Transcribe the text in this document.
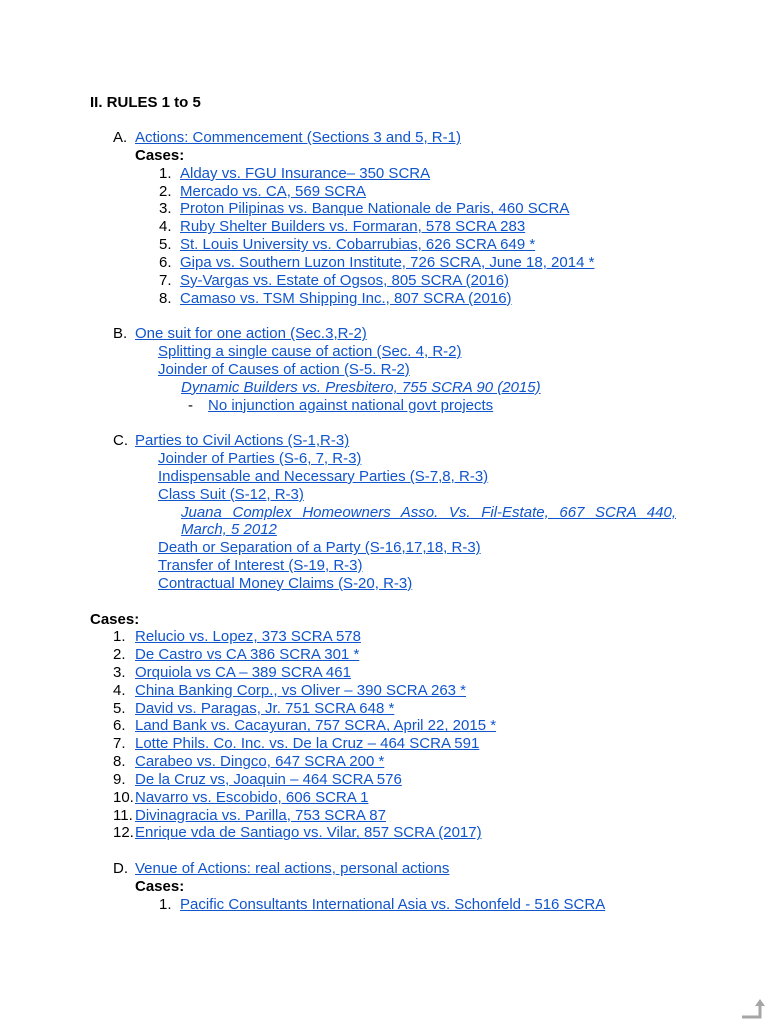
II. RULES 1 to 5
A. Actions: Commencement (Sections 3 and 5, R-1)
Cases:
1. Alday vs. FGU Insurance– 350 SCRA
2. Mercado vs. CA, 569 SCRA
3. Proton Pilipinas vs. Banque Nationale de Paris, 460 SCRA
4. Ruby Shelter Builders vs. Formaran, 578 SCRA 283
5. St. Louis University vs. Cobarrubias, 626 SCRA 649 *
6. Gipa vs. Southern Luzon Institute, 726 SCRA, June 18, 2014 *
7. Sy-Vargas vs. Estate of Ogsos, 805 SCRA (2016)
8. Camaso vs. TSM Shipping Inc., 807 SCRA (2016)
B. One suit for one action (Sec.3,R-2)
Splitting a single cause of action (Sec. 4, R-2)
Joinder of Causes of action (S-5. R-2)
Dynamic Builders vs. Presbitero, 755 SCRA 90 (2015)
- No injunction against national govt projects
C. Parties to Civil Actions (S-1,R-3)
Joinder of Parties (S-6, 7, R-3)
Indispensable and Necessary Parties (S-7,8, R-3)
Class Suit (S-12, R-3)
Juana Complex Homeowners Asso. Vs. Fil-Estate, 667 SCRA 440,
March, 5 2012
Death or Separation of a Party (S-16,17,18, R-3)
Transfer of Interest (S-19, R-3)
Contractual Money Claims (S-20, R-3)
Cases:
1. Relucio vs. Lopez, 373 SCRA 578
2. De Castro vs CA 386 SCRA 301 *
3. Orquiola vs CA – 389 SCRA 461
4. China Banking Corp., vs Oliver – 390 SCRA 263 *
5. David vs. Paragas, Jr. 751 SCRA 648 *
6. Land Bank vs. Cacayuran, 757 SCRA, April 22, 2015 *
7. Lotte Phils. Co. Inc. vs. De la Cruz – 464 SCRA 591
8. Carabeo vs. Dingco, 647 SCRA 200 *
9. De la Cruz vs, Joaquin – 464 SCRA 576
10. Navarro vs. Escobido, 606 SCRA 1
11. Divinagracia vs. Parilla, 753 SCRA 87
12. Enrique vda de Santiago vs. Vilar, 857 SCRA (2017)
D. Venue of Actions: real actions, personal actions
Cases:
1. Pacific Consultants International Asia vs. Schonfeld - 516 SCRA
